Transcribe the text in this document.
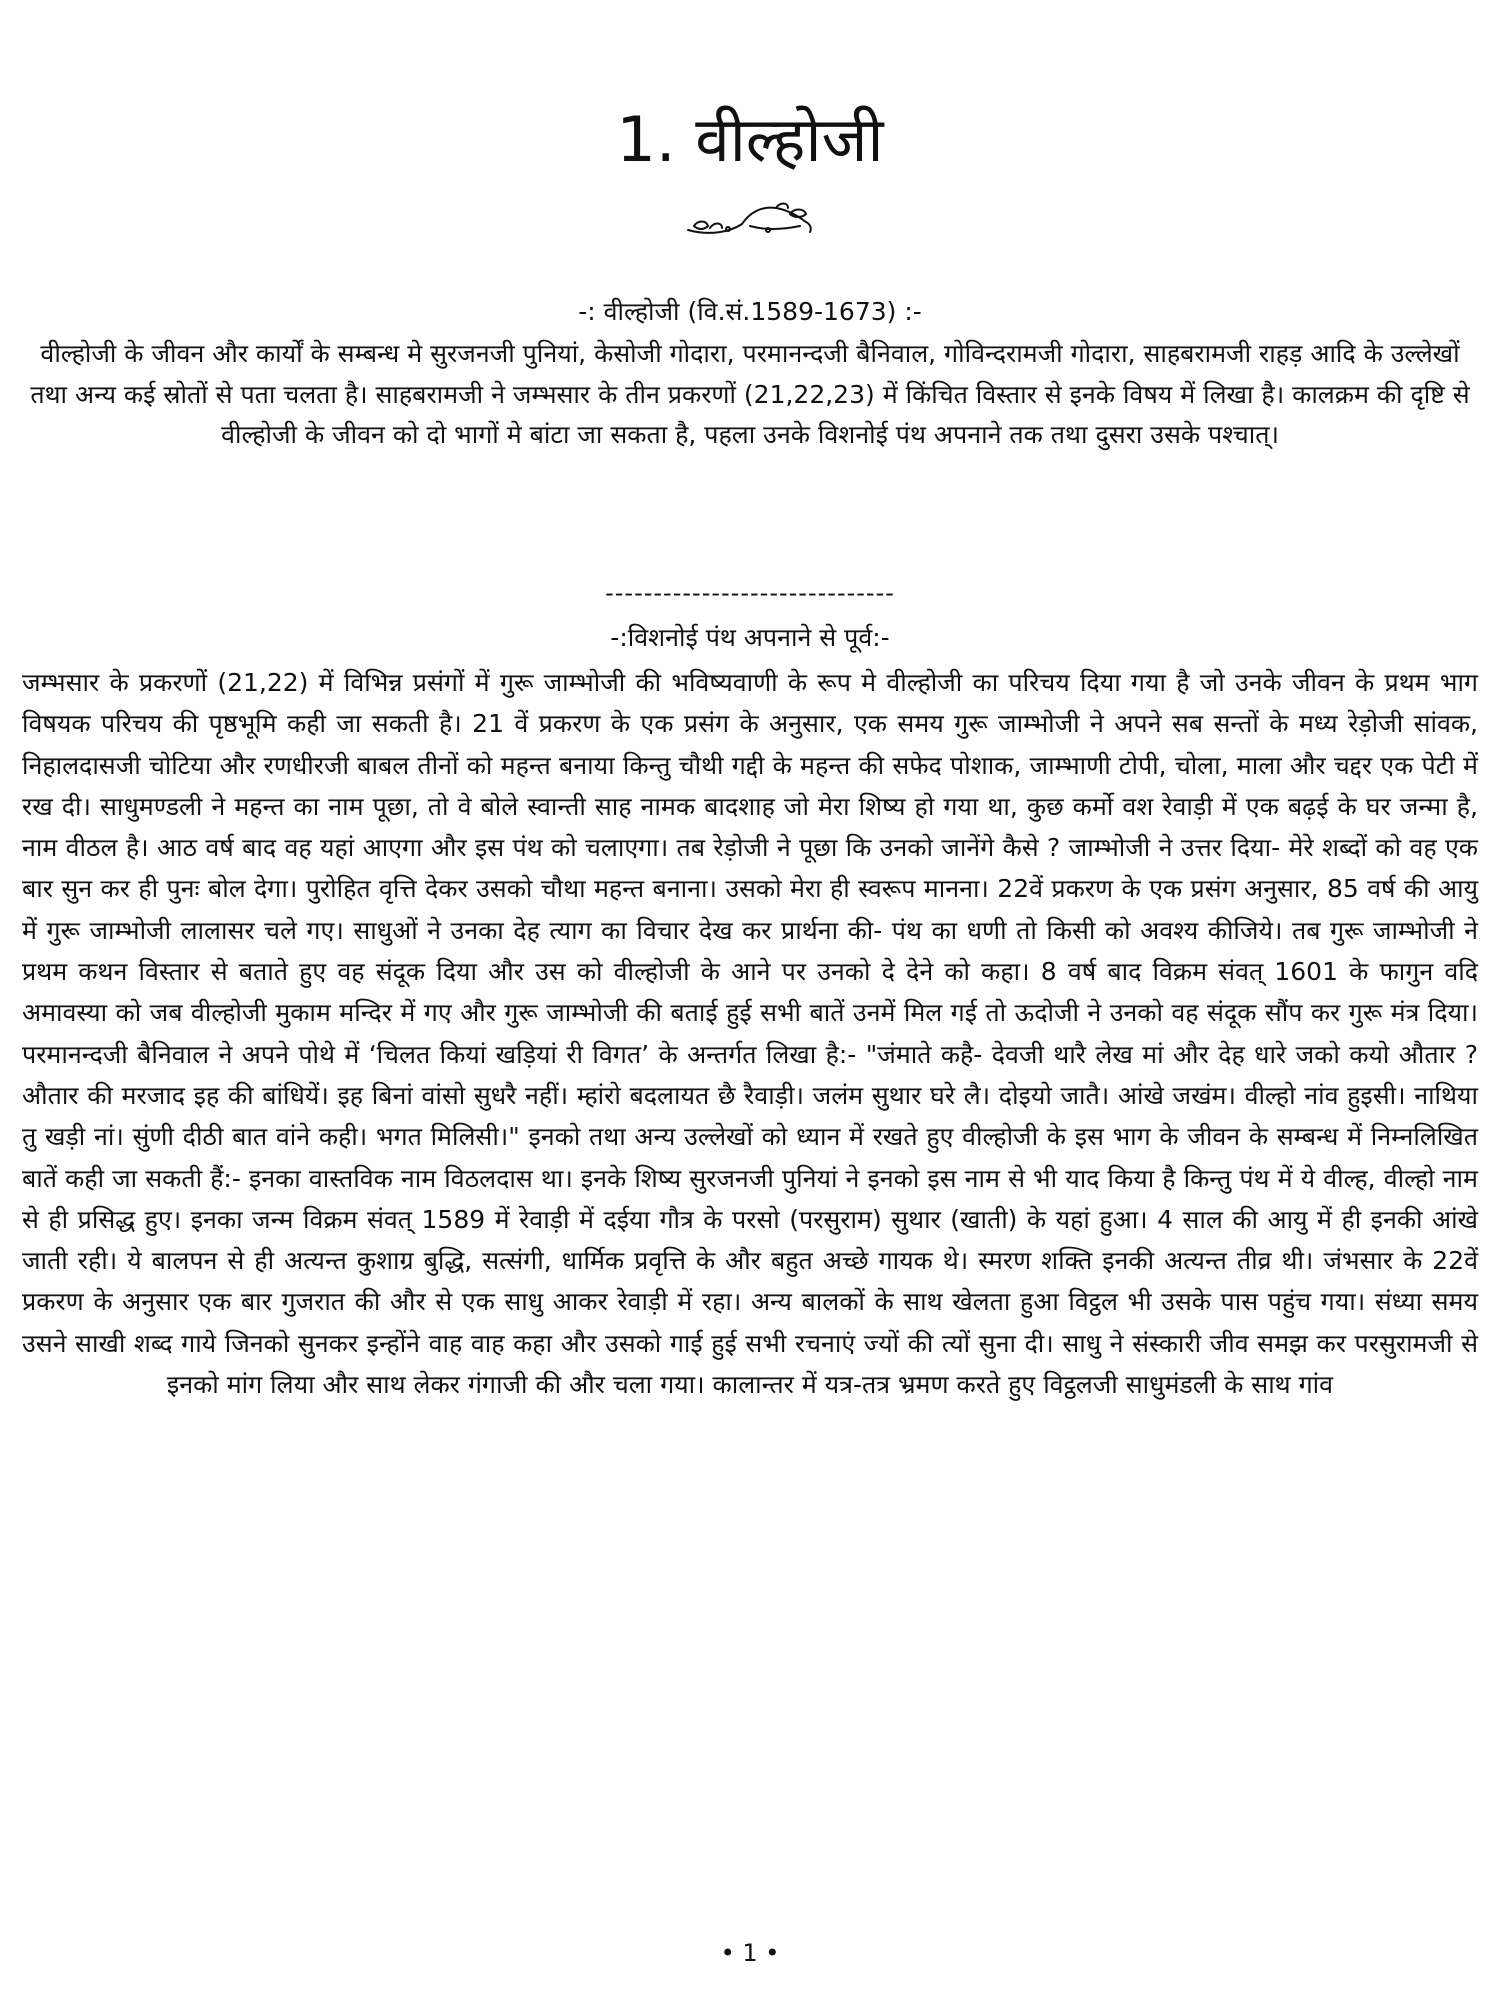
1. वील्होजी
-: वील्होजी (वि.सं.1589-1673) :-

वील्होजी के जीवन और कार्यों के सम्बन्ध मे सुरजनजी पुनियां, केसोजी गोदारा, परमानन्दजी बैनिवाल, गोविन्दरामजी गोदारा, साहबरामजी राहड़ आदि के उल्लेखों तथा अन्य कई स्रोतों से पता चलता है। साहबरामजी ने जम्भसार के तीन प्रकरणों (21,22,23) में किंचित विस्तार से इनके विषय में लिखा है। कालक्रम की दृष्टि से वील्होजी के जीवन को दो भागों मे बांटा जा सकता है, पहला उनके विशनोई पंथ अपनाने तक तथा दुसरा उसके पश्चात्।

------------------------------
-:विशनोई पंथ अपनाने से पूर्व:-

जम्भसार के प्रकरणों (21,22) में विभिन्न प्रसंगों में गुरू जाम्भोजी की भविष्यवाणी के रूप मे वील्होजी का परिचय दिया गया है जो उनके जीवन के प्रथम भाग विषयक परिचय की पृष्ठभूमि कही जा सकती है। 21 वें प्रकरण के एक प्रसंग के अनुसार, एक समय गुरू जाम्भोजी ने अपने सब सन्तों के मध्य रेड़ोजी सांवक, निहालदासजी चोटिया और रणधीरजी बाबल तीनों को महन्त बनाया किन्तु चौथी गद्दी के महन्त की सफेद पोशाक, जाम्भाणी टोपी, चोला, माला और चद्दर एक पेटी में रख दी। साधुमण्डली ने महन्त का नाम पूछा, तो वे बोले स्वान्ती साह नामक बादशाह जो मेरा शिष्य हो गया था, कुछ कर्मो वश रेवाड़ी में एक बढ़ई के घर जन्मा है, नाम वीठल है। आठ वर्ष बाद वह यहां आएगा और इस पंथ को चलाएगा। तब रेड़ोजी ने पूछा कि उनको जानेंगे कैसे ? जाम्भोजी ने उत्तर दिया- मेरे शब्दों को वह एक बार सुन कर ही पुनः बोल देगा। पुरोहित वृत्ति देकर उसको चौथा महन्त बनाना। उसको मेरा ही स्वरूप मानना। 22वें प्रकरण के एक प्रसंग अनुसार, 85 वर्ष की आयु में गुरू जाम्भोजी लालासर चले गए। साधुओं ने उनका देह त्याग का विचार देख कर प्रार्थना की- पंथ का धणी तो किसी को अवश्य कीजिये। तब गुरू जाम्भोजी ने प्रथम कथन विस्तार से बताते हुए वह संदूक दिया और उस को वील्होजी के आने पर उनको दे देने को कहा। 8 वर्ष बाद विक्रम संवत् 1601 के फागुन वदि अमावस्या को जब वील्होजी मुकाम मन्दिर में गए और गुरू जाम्भोजी की बताई हुई सभी बातें उनमें मिल गई तो ऊदोजी ने उनको वह संदूक सौंप कर गुरू मंत्र दिया। परमानन्दजी बैनिवाल ने अपने पोथे में ‘चिलत कियां खड़ियां री विगत’ के अन्तर्गत लिखा है:- "जंमाते कहै- देवजी थारै लेख मां और देह धारे जको कयो औतार ? औतार की मरजाद इह की बांधियें। इह बिनां वांसो सुधरै नहीं। म्हांरो बदलायत छै रैवाड़ी। जलंम सुथार घरे लै। दोइयो जातै। आंखे जखंम। वील्हो नांव हुइसी। नाथिया तु खड़ी नां। सुंणी दीठी बात वांने कही। भगत मिलिसी।" इनको तथा अन्य उल्लेखों को ध्यान में रखते हुए वील्होजी के इस भाग के जीवन के सम्बन्ध में निम्नलिखित बातें कही जा सकती हैं:- इनका वास्तविक नाम विठलदास था। इनके शिष्य सुरजनजी पुनियां ने इनको इस नाम से भी याद किया है किन्तु पंथ में ये वील्ह, वील्हो नाम से ही प्रसिद्ध हुए। इनका जन्म विक्रम संवत् 1589 में रेवाड़ी में दईया गौत्र के परसो (परसुराम) सुथार (खाती) के यहां हुआ। 4 साल की आयु में ही इनकी आंखे जाती रही। ये बालपन से ही अत्यन्त कुशाग्र बुद्धि, सत्संगी, धार्मिक प्रवृत्ति के और बहुत अच्छे गायक थे। स्मरण शक्ति इनकी अत्यन्त तीव्र थी। जंभसार के 22वें प्रकरण के अनुसार एक बार गुजरात की और से एक साधु आकर रेवाड़ी में रहा। अन्य बालकों के साथ खेलता हुआ विट्ठल भी उसके पास पहुंच गया। संध्या समय उसने साखी शब्द गाये जिनको सुनकर इन्होंने वाह वाह कहा और उसको गाई हुई सभी रचनाएं ज्यों की त्यों सुना दी। साधु ने संस्कारी जीव समझ कर परसुरामजी से इनको मांग लिया और साथ लेकर गंगाजी की और चला गया। कालान्तर में यत्र-तत्र भ्रमण करते हुए विट्ठलजी साधुमंडली के साथ गांव

• 1 •
